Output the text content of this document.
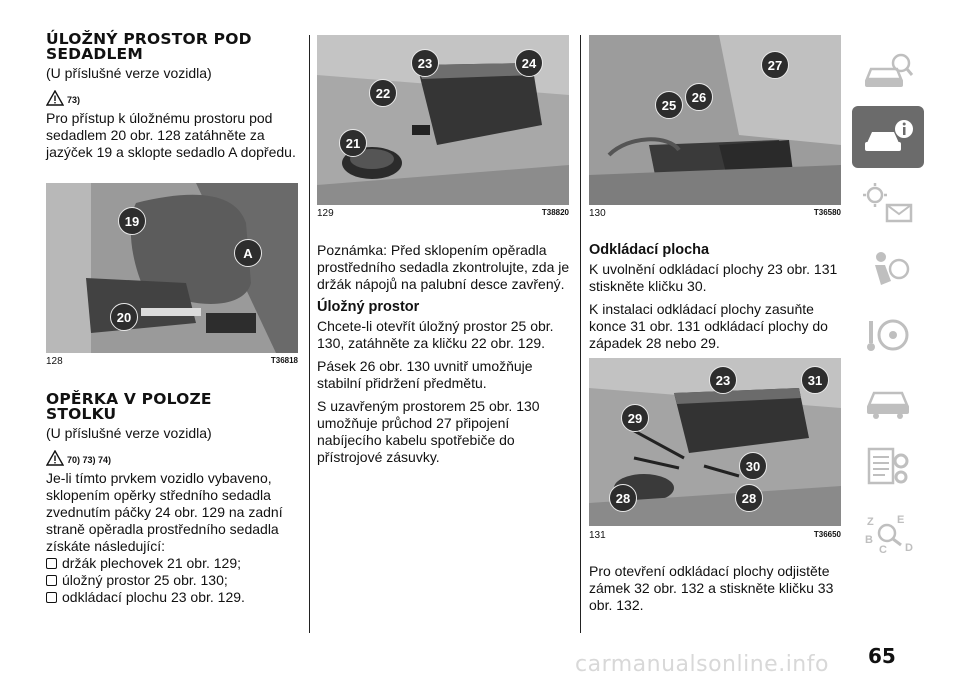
ÚLOŽNÝ PROSTOR POD
SEDADLEM
(U příslušné verze vozidla)
73)
Pro přístup k úložnému prostoru pod sedadlem 20 obr. 128 zatáhněte za jazýček 19 a sklopte sedadlo A dopředu.
19
A
20
128	T36818
OPĚRKA V POLOZE
STOLKU
(U příslušné verze vozidla)
70) 73) 74)
Je-li tímto prvkem vozidlo vybaveno, sklopením opěrky středního sedadla zvednutím páčky 24 obr. 129 na zadní straně opěradla prostředního sedadla získáte následující:
držák plechovek 21 obr. 129;
úložný prostor 25 obr. 130;
odkládací plochu 23 obr. 129.
23	24
22
21
129	T38820
Poznámka: Před sklopením opěradla prostředního sedadla zkontrolujte, zda je držák nápojů na palubní desce zavřený.
Úložný prostor
Chcete-li otevřít úložný prostor 25 obr. 130, zatáhněte za kličku 22 obr. 129.
Pásek 26 obr. 130 uvnitř umožňuje stabilní přidržení předmětu.
S uzavřeným prostorem 25 obr. 130 umožňuje průchod 27 připojení nabíjecího kabelu spotřebiče do přístrojové zásuvky.
27
26
25
130	T36580
Odkládací plocha
K uvolnění odkládací plochy 23 obr. 131 stiskněte kličku 30.
K instalaci odkládací plochy zasuňte konce 31 obr. 131 odkládací plochy do západek 28 nebo 29.
23	31
29
30
28	28
131	T36650
Pro otevření odkládací plochy odjistěte zámek 32 obr. 132 a stiskněte kličku 33 obr. 132.
Z E
B
D
C
65
carmanualsonline.info
